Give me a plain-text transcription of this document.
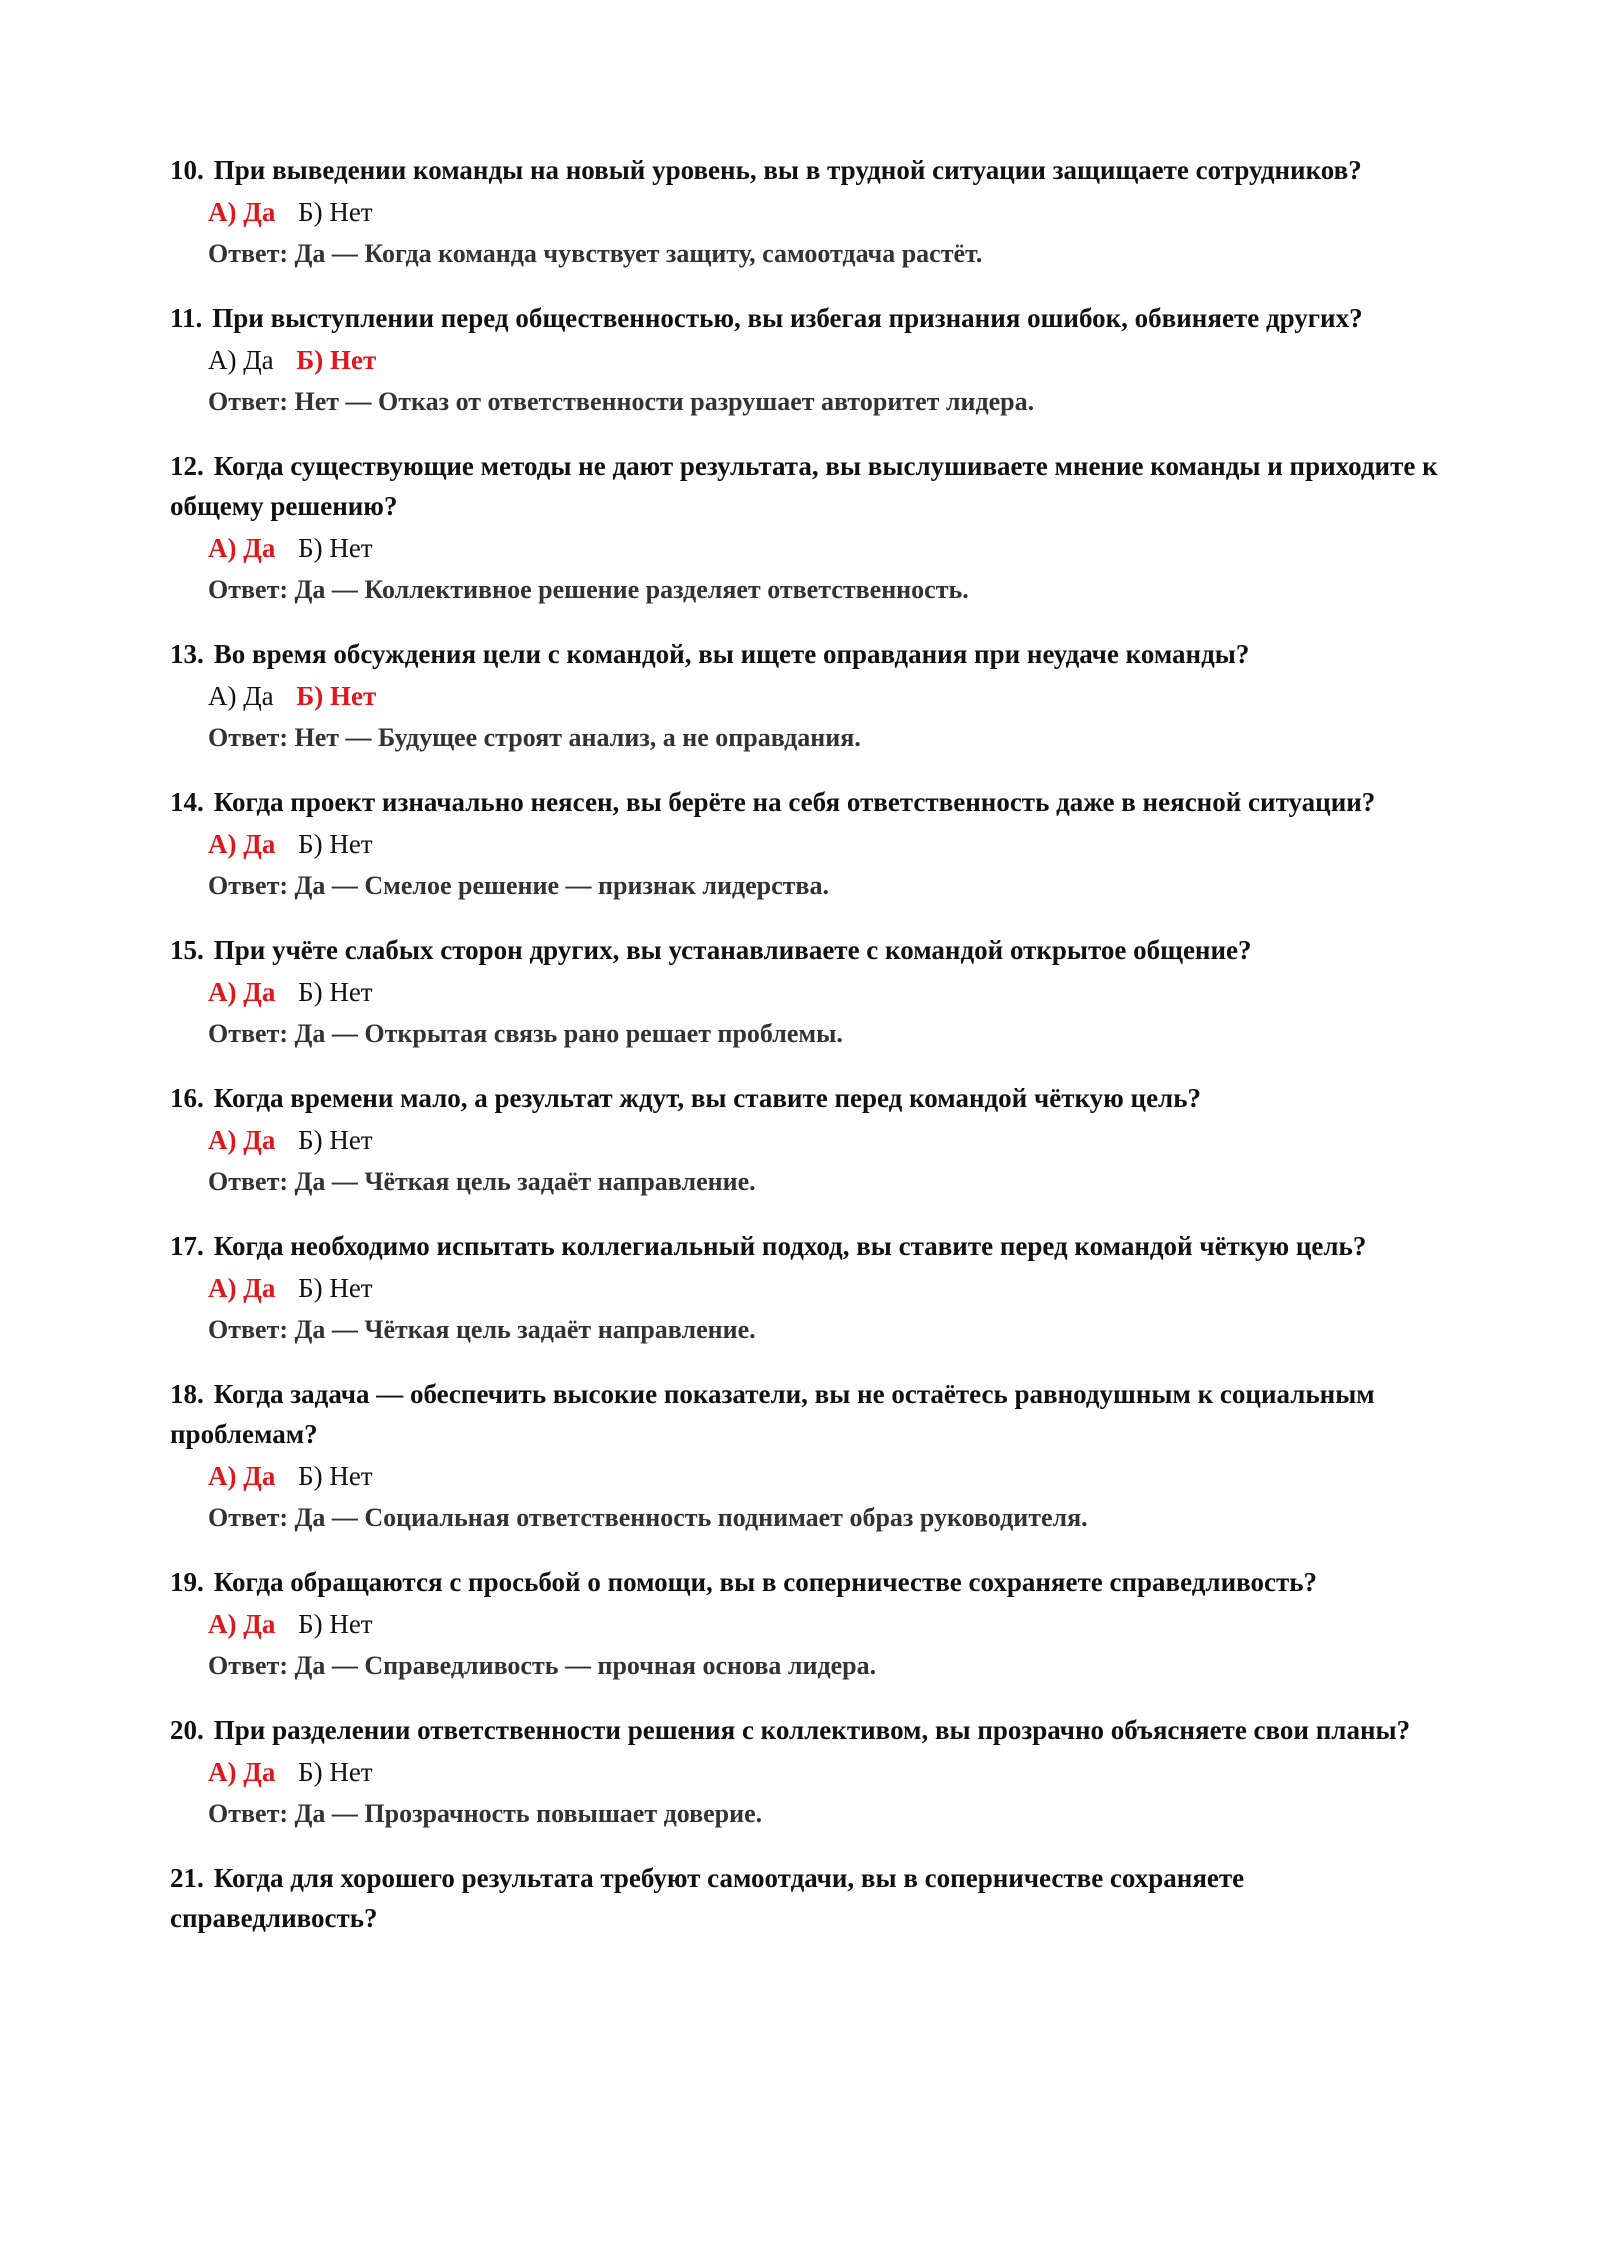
10. При выведении команды на новый уровень, вы в трудной ситуации защищаете сотрудников?

А) Да Б) Нет
Ответ: Да — Когда команда чувствует защиту, самоотдача растёт.

11. При выступлении перед общественностью, вы избегая признания ошибок, обвиняете других?

А) Да Б) Нет
Ответ: Нет — Отказ от ответственности разрушает авторитет лидера.

12. Когда существующие методы не дают результата, вы выслушиваете мнение команды и приходите к общему решению?

А) Да Б) Нет
Ответ: Да — Коллективное решение разделяет ответственность.

13. Во время обсуждения цели с командой, вы ищете оправдания при неудаче команды?

А) Да Б) Нет
Ответ: Нет — Будущее строят анализ, а не оправдания.

14. Когда проект изначально неясен, вы берёте на себя ответственность даже в неясной ситуации?

А) Да Б) Нет
Ответ: Да — Смелое решение — признак лидерства.

15. При учёте слабых сторон других, вы устанавливаете с командой открытое общение?

А) Да Б) Нет
Ответ: Да — Открытая связь рано решает проблемы.

16. Когда времени мало, а результат ждут, вы ставите перед командой чёткую цель?

А) Да Б) Нет
Ответ: Да — Чёткая цель задаёт направление.

17. Когда необходимо испытать коллегиальный подход, вы ставите перед командой чёткую цель?

А) Да Б) Нет
Ответ: Да — Чёткая цель задаёт направление.

18. Когда задача — обеспечить высокие показатели, вы не остаётесь равнодушным к социальным проблемам?

А) Да Б) Нет
Ответ: Да — Социальная ответственность поднимает образ руководителя.

19. Когда обращаются с просьбой о помощи, вы в соперничестве сохраняете справедливость?

А) Да Б) Нет
Ответ: Да — Справедливость — прочная основа лидера.

20. При разделении ответственности решения с коллективом, вы прозрачно объясняете свои планы?

А) Да Б) Нет
Ответ: Да — Прозрачность повышает доверие.

21. Когда для хорошего результата требуют самоотдачи, вы в соперничестве сохраняете справедливость?
